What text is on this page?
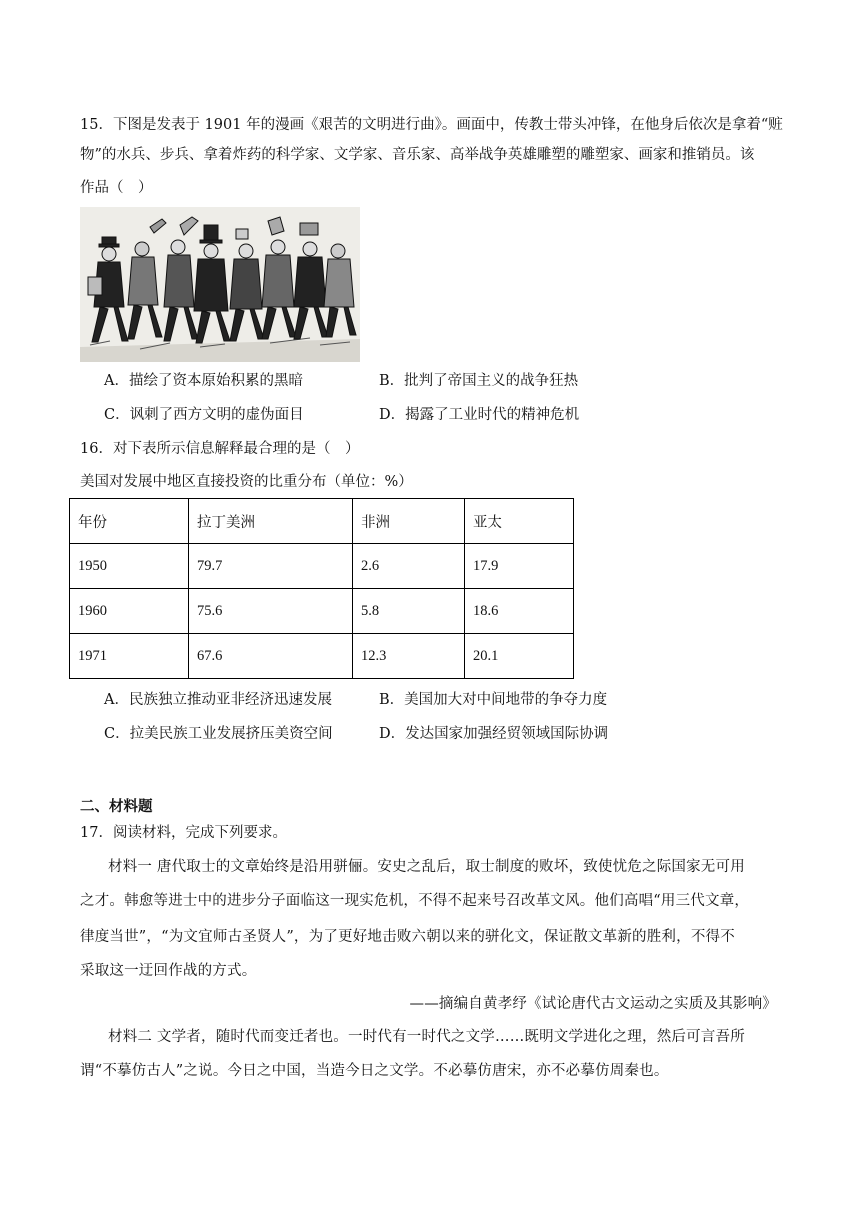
15．下图是发表于 1901 年的漫画《艰苦的文明进行曲》。画面中，传教士带头冲锋，在他身后依次是拿着“赃
物”的水兵、步兵、拿着炸药的科学家、文学家、音乐家、高举战争英雄雕塑的雕塑家、画家和推销员。该
作品（　）
A．描绘了资本原始积累的黑暗	B．批判了帝国主义的战争狂热
C．讽刺了西方文明的虚伪面目	D．揭露了工业时代的精神危机
16．对下表所示信息解释最合理的是（　）
美国对发展中地区直接投资的比重分布（单位：%）
年份	拉丁美洲	非洲	亚太
1950	79.7	2.6	17.9
1960	75.6	5.8	18.6
1971	67.6	12.3	20.1
A．民族独立推动亚非经济迅速发展	B．美国加大对中间地带的争夺力度
C．拉美民族工业发展挤压美资空间	D．发达国家加强经贸领域国际协调
二、材料题
17．阅读材料，完成下列要求。
材料一 唐代取士的文章始终是沿用骈俪。安史之乱后，取士制度的败坏，致使忧危之际国家无可用
之才。韩愈等进士中的进步分子面临这一现实危机，不得不起来号召改革文风。他们高唱“用三代文章，
律度当世”，“为文宜师古圣贤人”，为了更好地击败六朝以来的骈化文，保证散文革新的胜利，不得不
采取这一迂回作战的方式。
——摘编自黄孝纾《试论唐代古文运动之实质及其影响》
材料二 文学者，随时代而变迁者也。一时代有一时代之文学……既明文学进化之理，然后可言吾所
谓“不摹仿古人”之说。今日之中国，当造今日之文学。不必摹仿唐宋，亦不必摹仿周秦也。
